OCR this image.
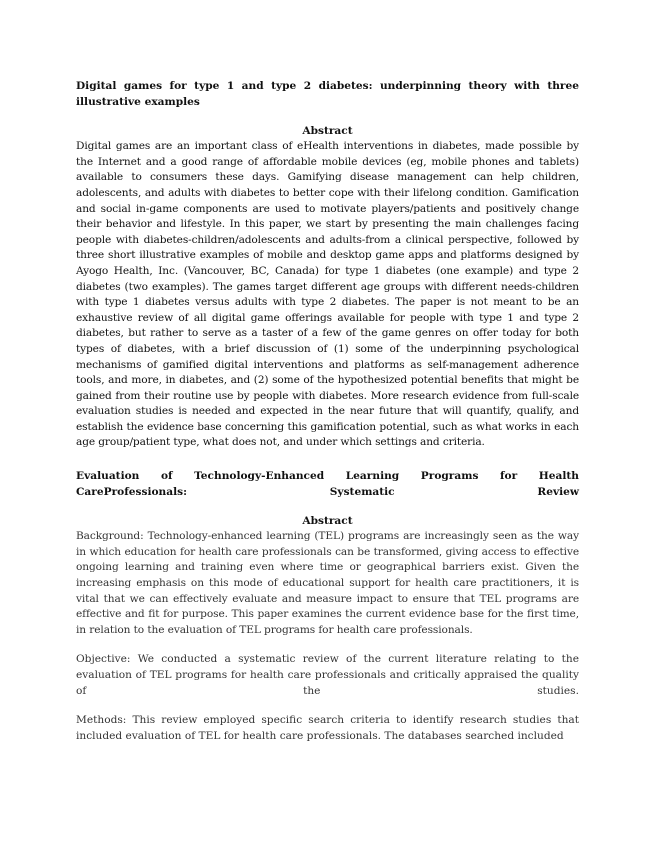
Digital games for type 1 and type 2 diabetes: underpinning theory with three illustrative examples

Abstract

Digital games are an important class of eHealth interventions in diabetes, made possible by the Internet and a good range of affordable mobile devices (eg, mobile phones and tablets) available to consumers these days. Gamifying disease management can help children, adolescents, and adults with diabetes to better cope with their lifelong condition. Gamification and social in-game components are used to motivate players/patients and positively change their behavior and lifestyle. In this paper, we start by presenting the main challenges facing people with diabetes-children/adolescents and adults-from a clinical perspective, followed by three short illustrative examples of mobile and desktop game apps and platforms designed by Ayogo Health, Inc. (Vancouver, BC, Canada) for type 1 diabetes (one example) and type 2 diabetes (two examples). The games target different age groups with different needs-children with type 1 diabetes versus adults with type 2 diabetes. The paper is not meant to be an exhaustive review of all digital game offerings available for people with type 1 and type 2 diabetes, but rather to serve as a taster of a few of the game genres on offer today for both types of diabetes, with a brief discussion of (1) some of the underpinning psychological mechanisms of gamified digital interventions and platforms as self-management adherence tools, and more, in diabetes, and (2) some of the hypothesized potential benefits that might be gained from their routine use by people with diabetes. More research evidence from full-scale evaluation studies is needed and expected in the near future that will quantify, qualify, and establish the evidence base concerning this gamification potential, such as what works in each age group/patient type, what does not, and under which settings and criteria.

Evaluation of Technology-Enhanced Learning Programs for Health CareProfessionals: Systematic Review

Abstract

Background: Technology-enhanced learning (TEL) programs are increasingly seen as the way in which education for health care professionals can be transformed, giving access to effective ongoing learning and training even where time or geographical barriers exist. Given the increasing emphasis on this mode of educational support for health care practitioners, it is vital that we can effectively evaluate and measure impact to ensure that TEL programs are effective and fit for purpose. This paper examines the current evidence base for the first time, in relation to the evaluation of TEL programs for health care professionals.

Objective: We conducted a systematic review of the current literature relating to the evaluation of TEL programs for health care professionals and critically appraised the quality of the studies.

Methods: This review employed specific search criteria to identify research studies that included evaluation of TEL for health care professionals. The databases searched included
